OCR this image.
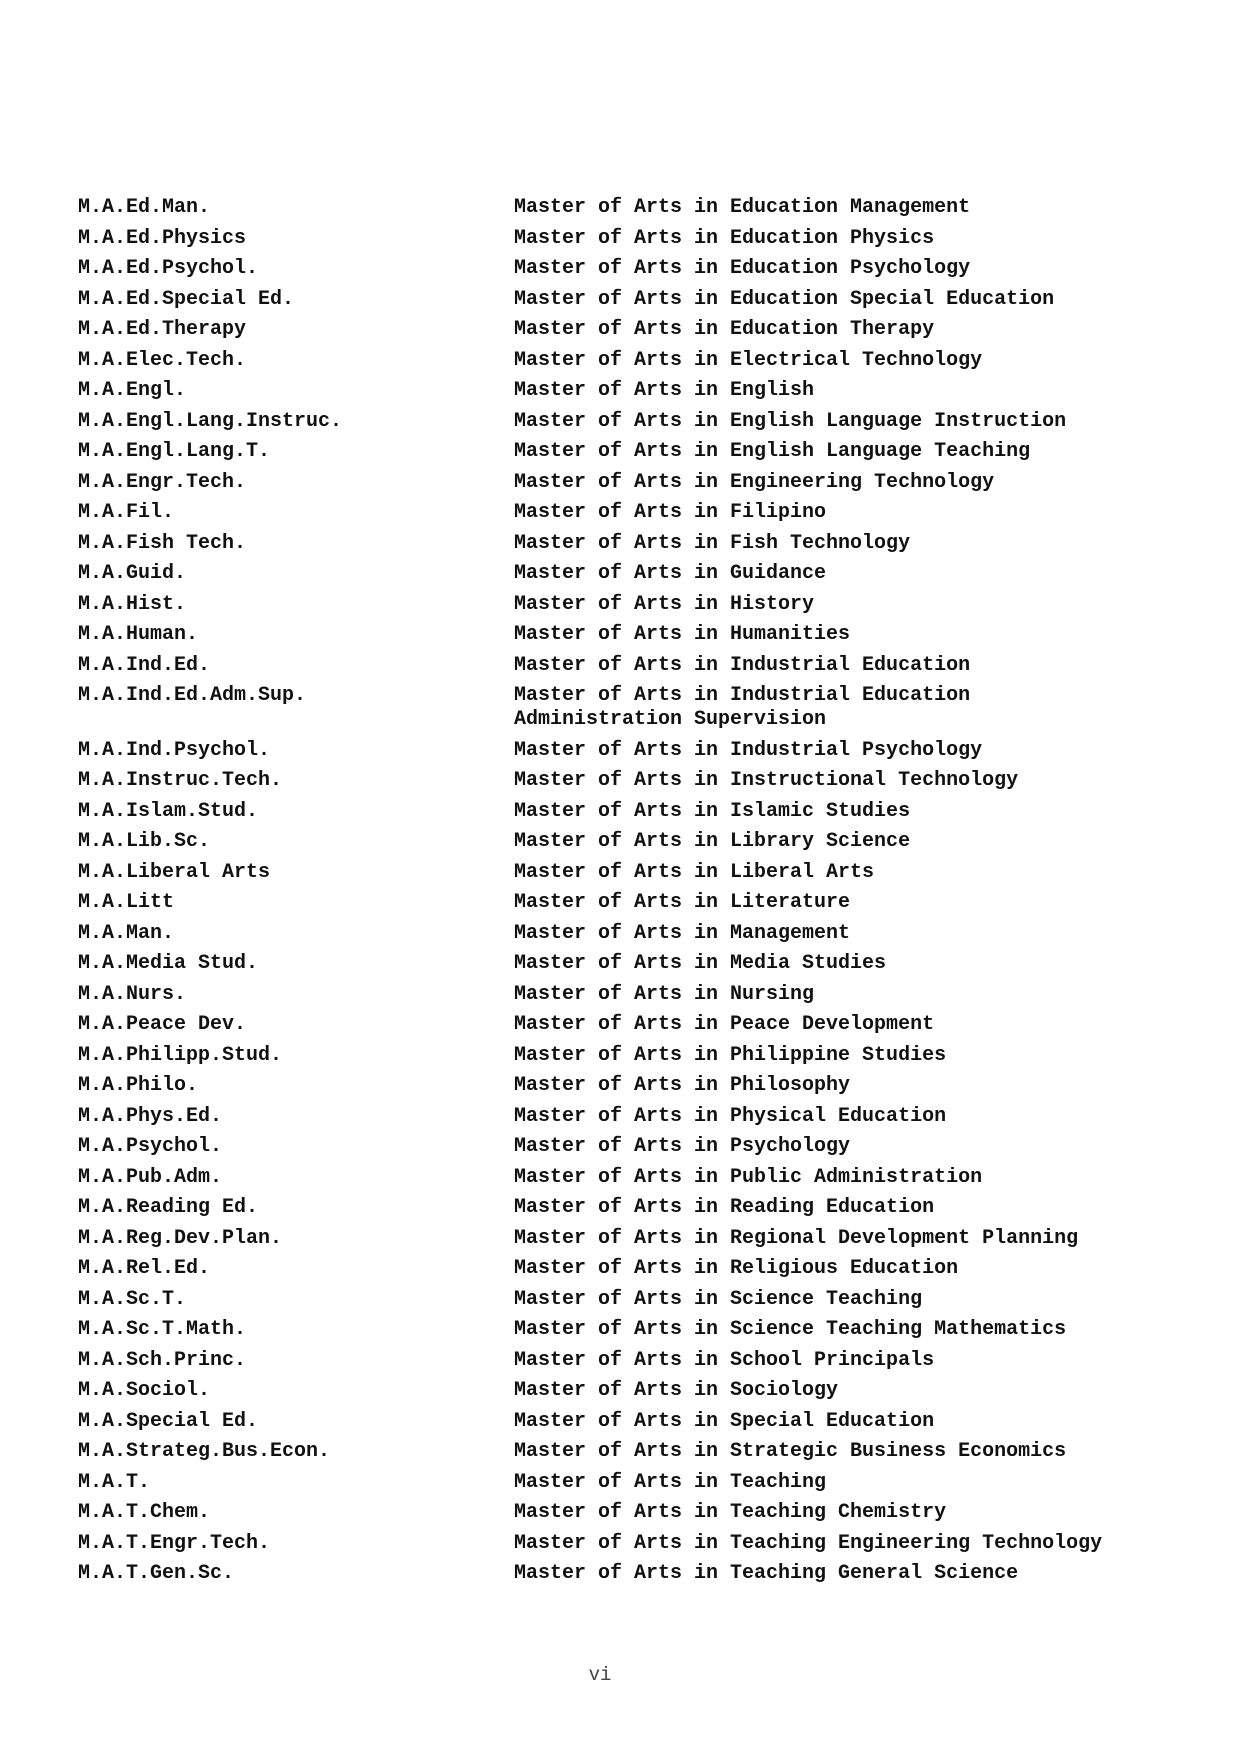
M.A.Ed.Man.	Master of Arts in Education Management
M.A.Ed.Physics	Master of Arts in Education Physics
M.A.Ed.Psychol.	Master of Arts in Education Psychology
M.A.Ed.Special Ed.	Master of Arts in Education Special Education
M.A.Ed.Therapy	Master of Arts in Education Therapy
M.A.Elec.Tech.	Master of Arts in Electrical Technology
M.A.Engl.	Master of Arts in English
M.A.Engl.Lang.Instruc.	Master of Arts in English Language Instruction
M.A.Engl.Lang.T.	Master of Arts in English Language Teaching
M.A.Engr.Tech.	Master of Arts in Engineering Technology
M.A.Fil.	Master of Arts in Filipino
M.A.Fish Tech.	Master of Arts in Fish Technology
M.A.Guid.	Master of Arts in Guidance
M.A.Hist.	Master of Arts in History
M.A.Human.	Master of Arts in Humanities
M.A.Ind.Ed.	Master of Arts in Industrial Education
M.A.Ind.Ed.Adm.Sup.	Master of Arts in Industrial Education
Administration Supervision
M.A.Ind.Psychol.	Master of Arts in Industrial Psychology
M.A.Instruc.Tech.	Master of Arts in Instructional Technology
M.A.Islam.Stud.	Master of Arts in Islamic Studies
M.A.Lib.Sc.	Master of Arts in Library Science
M.A.Liberal Arts	Master of Arts in Liberal Arts
M.A.Litt	Master of Arts in Literature
M.A.Man.	Master of Arts in Management
M.A.Media Stud.	Master of Arts in Media Studies
M.A.Nurs.	Master of Arts in Nursing
M.A.Peace Dev.	Master of Arts in Peace Development
M.A.Philipp.Stud.	Master of Arts in Philippine Studies
M.A.Philo.	Master of Arts in Philosophy
M.A.Phys.Ed.	Master of Arts in Physical Education
M.A.Psychol.	Master of Arts in Psychology
M.A.Pub.Adm.	Master of Arts in Public Administration
M.A.Reading Ed.	Master of Arts in Reading Education
M.A.Reg.Dev.Plan.	Master of Arts in Regional Development Planning
M.A.Rel.Ed.	Master of Arts in Religious Education
M.A.Sc.T.	Master of Arts in Science Teaching
M.A.Sc.T.Math.	Master of Arts in Science Teaching Mathematics
M.A.Sch.Princ.	Master of Arts in School Principals
M.A.Sociol.	Master of Arts in Sociology
M.A.Special Ed.	Master of Arts in Special Education
M.A.Strateg.Bus.Econ.	Master of Arts in Strategic Business Economics
M.A.T.	Master of Arts in Teaching
M.A.T.Chem.	Master of Arts in Teaching Chemistry
M.A.T.Engr.Tech.	Master of Arts in Teaching Engineering Technology
M.A.T.Gen.Sc.	Master of Arts in Teaching General Science
vi
